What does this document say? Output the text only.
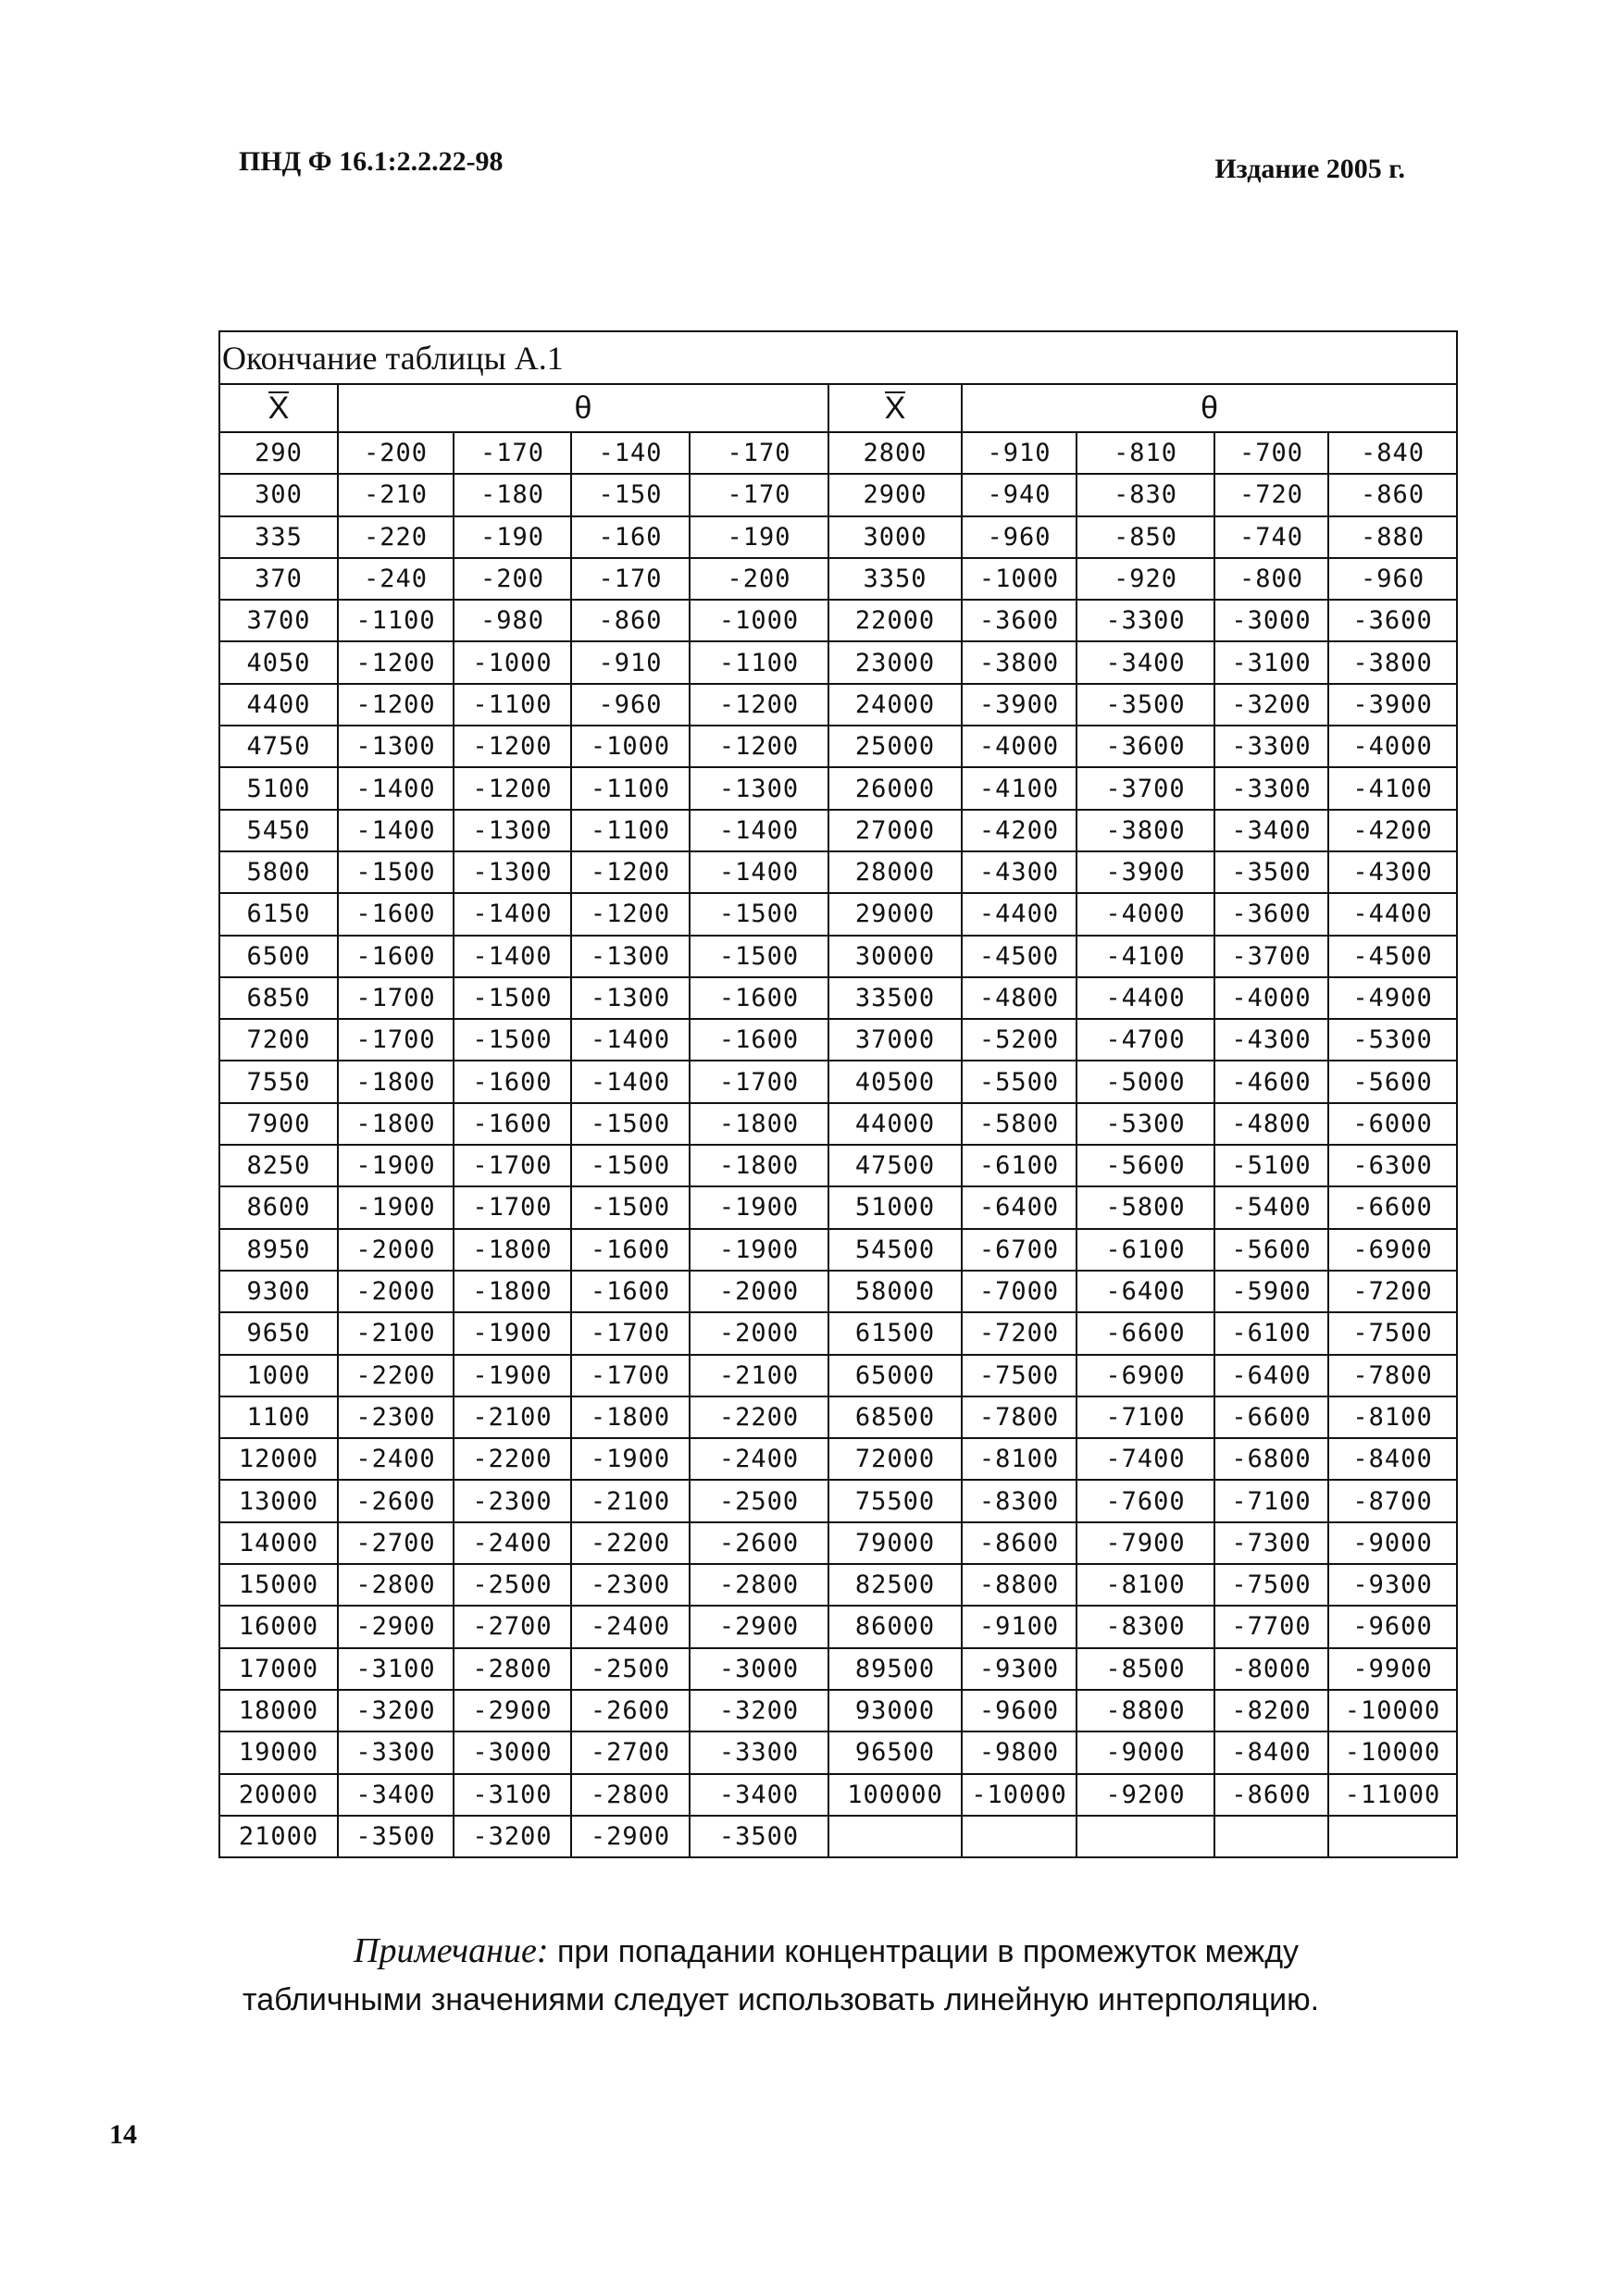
ПНД Ф 16.1:2.2.22-98	Издание 2005 г.
Окончание таблицы А.1									
X	θ				X	θ			
290	-200	-170	-140	-170	2800	-910	-810	-700	-840
300	-210	-180	-150	-170	2900	-940	-830	-720	-860
335	-220	-190	-160	-190	3000	-960	-850	-740	-880
370	-240	-200	-170	-200	3350	-1000	-920	-800	-960
3700	-1100	-980	-860	-1000	22000	-3600	-3300	-3000	-3600
4050	-1200	-1000	-910	-1100	23000	-3800	-3400	-3100	-3800
4400	-1200	-1100	-960	-1200	24000	-3900	-3500	-3200	-3900
4750	-1300	-1200	-1000	-1200	25000	-4000	-3600	-3300	-4000
5100	-1400	-1200	-1100	-1300	26000	-4100	-3700	-3300	-4100
5450	-1400	-1300	-1100	-1400	27000	-4200	-3800	-3400	-4200
5800	-1500	-1300	-1200	-1400	28000	-4300	-3900	-3500	-4300
6150	-1600	-1400	-1200	-1500	29000	-4400	-4000	-3600	-4400
6500	-1600	-1400	-1300	-1500	30000	-4500	-4100	-3700	-4500
6850	-1700	-1500	-1300	-1600	33500	-4800	-4400	-4000	-4900
7200	-1700	-1500	-1400	-1600	37000	-5200	-4700	-4300	-5300
7550	-1800	-1600	-1400	-1700	40500	-5500	-5000	-4600	-5600
7900	-1800	-1600	-1500	-1800	44000	-5800	-5300	-4800	-6000
8250	-1900	-1700	-1500	-1800	47500	-6100	-5600	-5100	-6300
8600	-1900	-1700	-1500	-1900	51000	-6400	-5800	-5400	-6600
8950	-2000	-1800	-1600	-1900	54500	-6700	-6100	-5600	-6900
9300	-2000	-1800	-1600	-2000	58000	-7000	-6400	-5900	-7200
9650	-2100	-1900	-1700	-2000	61500	-7200	-6600	-6100	-7500
1000	-2200	-1900	-1700	-2100	65000	-7500	-6900	-6400	-7800
1100	-2300	-2100	-1800	-2200	68500	-7800	-7100	-6600	-8100
12000	-2400	-2200	-1900	-2400	72000	-8100	-7400	-6800	-8400
13000	-2600	-2300	-2100	-2500	75500	-8300	-7600	-7100	-8700
14000	-2700	-2400	-2200	-2600	79000	-8600	-7900	-7300	-9000
15000	-2800	-2500	-2300	-2800	82500	-8800	-8100	-7500	-9300
16000	-2900	-2700	-2400	-2900	86000	-9100	-8300	-7700	-9600
17000	-3100	-2800	-2500	-3000	89500	-9300	-8500	-8000	-9900
18000	-3200	-2900	-2600	-3200	93000	-9600	-8800	-8200	-10000
19000	-3300	-3000	-2700	-3300	96500	-9800	-9000	-8400	-10000
20000	-3400	-3100	-2800	-3400	100000	-10000	-9200	-8600	-11000
21000	-3500	-3200	-2900	-3500					
Примечание: при попадании концентрации в промежуток между табличными значениями следует использовать линейную интерполяцию.
14
